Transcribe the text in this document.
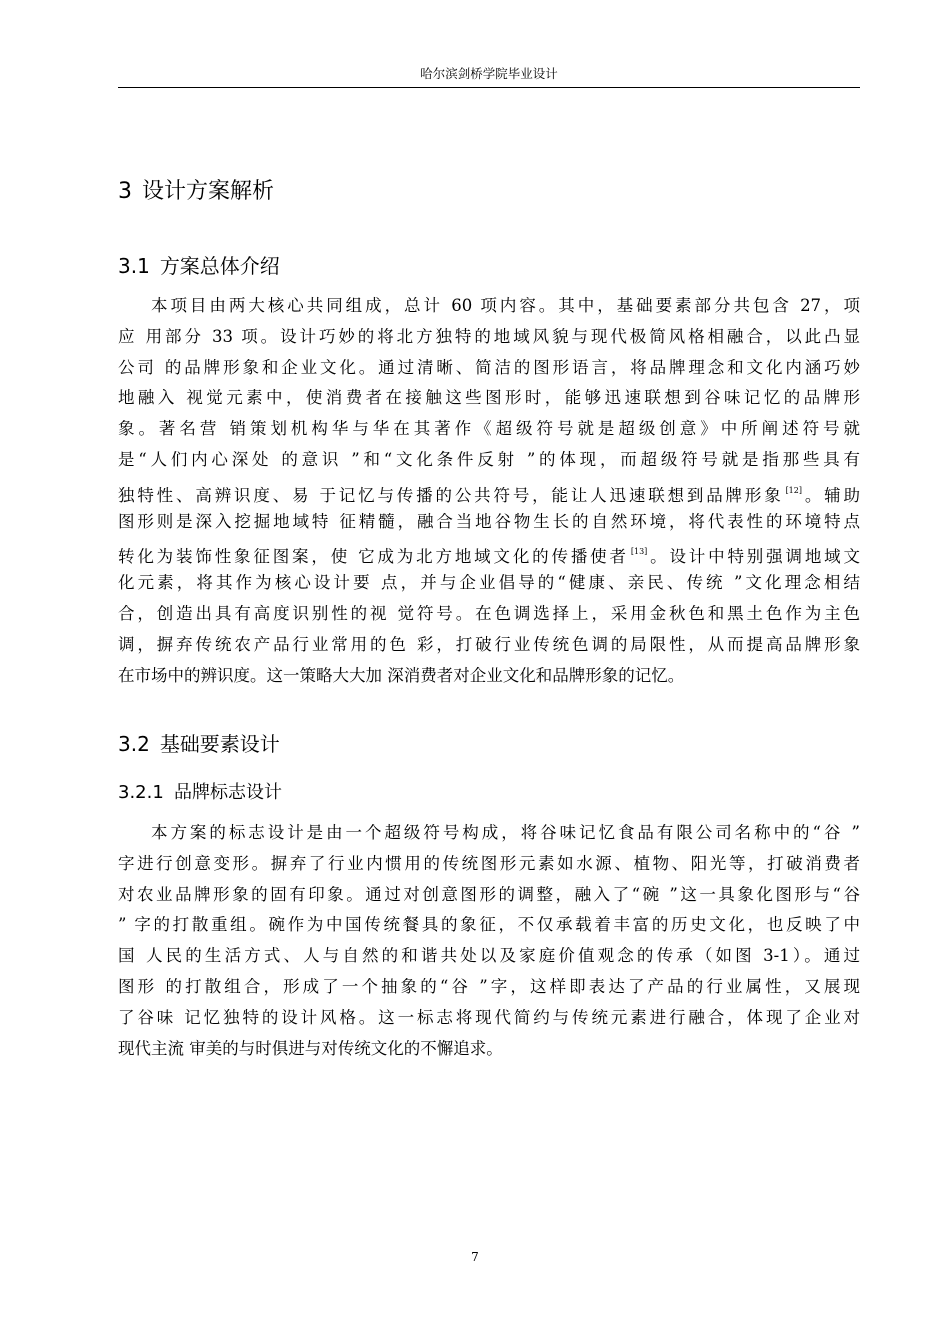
哈尔滨剑桥学院毕业设计
3 设计方案解析
3.1 方案总体介绍
本项目由两大核心共同组成，总计 60 项内容。其中，基础要素部分共包含 27，项
应 用部分 33 项。设计巧妙的将北方独特的地域风貌与现代极简风格相融合，以此凸显
公司 的品牌形象和企业文化。通过清晰、简洁的图形语言，将品牌理念和文化内涵巧妙
地融入 视觉元素中，使消费者在接触这些图形时，能够迅速联想到谷味记忆的品牌形
象。著名营 销策划机构华与华在其著作《超级符号就是超级创意》中所阐述符号就
是“人们内心深处 的意识 ”和“文化条件反射 ”的体现，而超级符号就是指那些具有
独特性、高辨识度、易 于记忆与传播的公共符号，能让人迅速联想到品牌形象 [12]。辅助
图形则是深入挖掘地域特 征精髓，融合当地谷物生长的自然环境，将代表性的环境特点
转化为装饰性象征图案，使 它成为北方地域文化的传播使者 [13]。设计中特别强调地域文
化元素，将其作为核心设计要 点，并与企业倡导的“健康、亲民、传统 ”文化理念相结
合，创造出具有高度识别性的视 觉符号。在色调选择上，采用金秋色和黑土色作为主色
调，摒弃传统农产品行业常用的色 彩，打破行业传统色调的局限性，从而提高品牌形象
在市场中的辨识度。这一策略大大加 深消费者对企业文化和品牌形象的记忆。
3.2 基础要素设计
3.2.1 品牌标志设计
本方案的标志设计是由一个超级符号构成，将谷味记忆食品有限公司名称中的“谷 ”
字进行创意变形。摒弃了行业内惯用的传统图形元素如水源、植物、阳光等，打破消费者
对农业品牌形象的固有印象。通过对创意图形的调整，融入了“碗 ”这一具象化图形与“谷
” 字的打散重组。碗作为中国传统餐具的象征，不仅承载着丰富的历史文化，也反映了中
国 人民的生活方式、人与自然的和谐共处以及家庭价值观念的传承（如图 3-1）。通过
图形 的打散组合，形成了一个抽象的“谷 ”字，这样即表达了产品的行业属性，又展现
了谷味 记忆独特的设计风格。这一标志将现代简约与传统元素进行融合，体现了企业对
现代主流 审美的与时俱进与对传统文化的不懈追求。
7
